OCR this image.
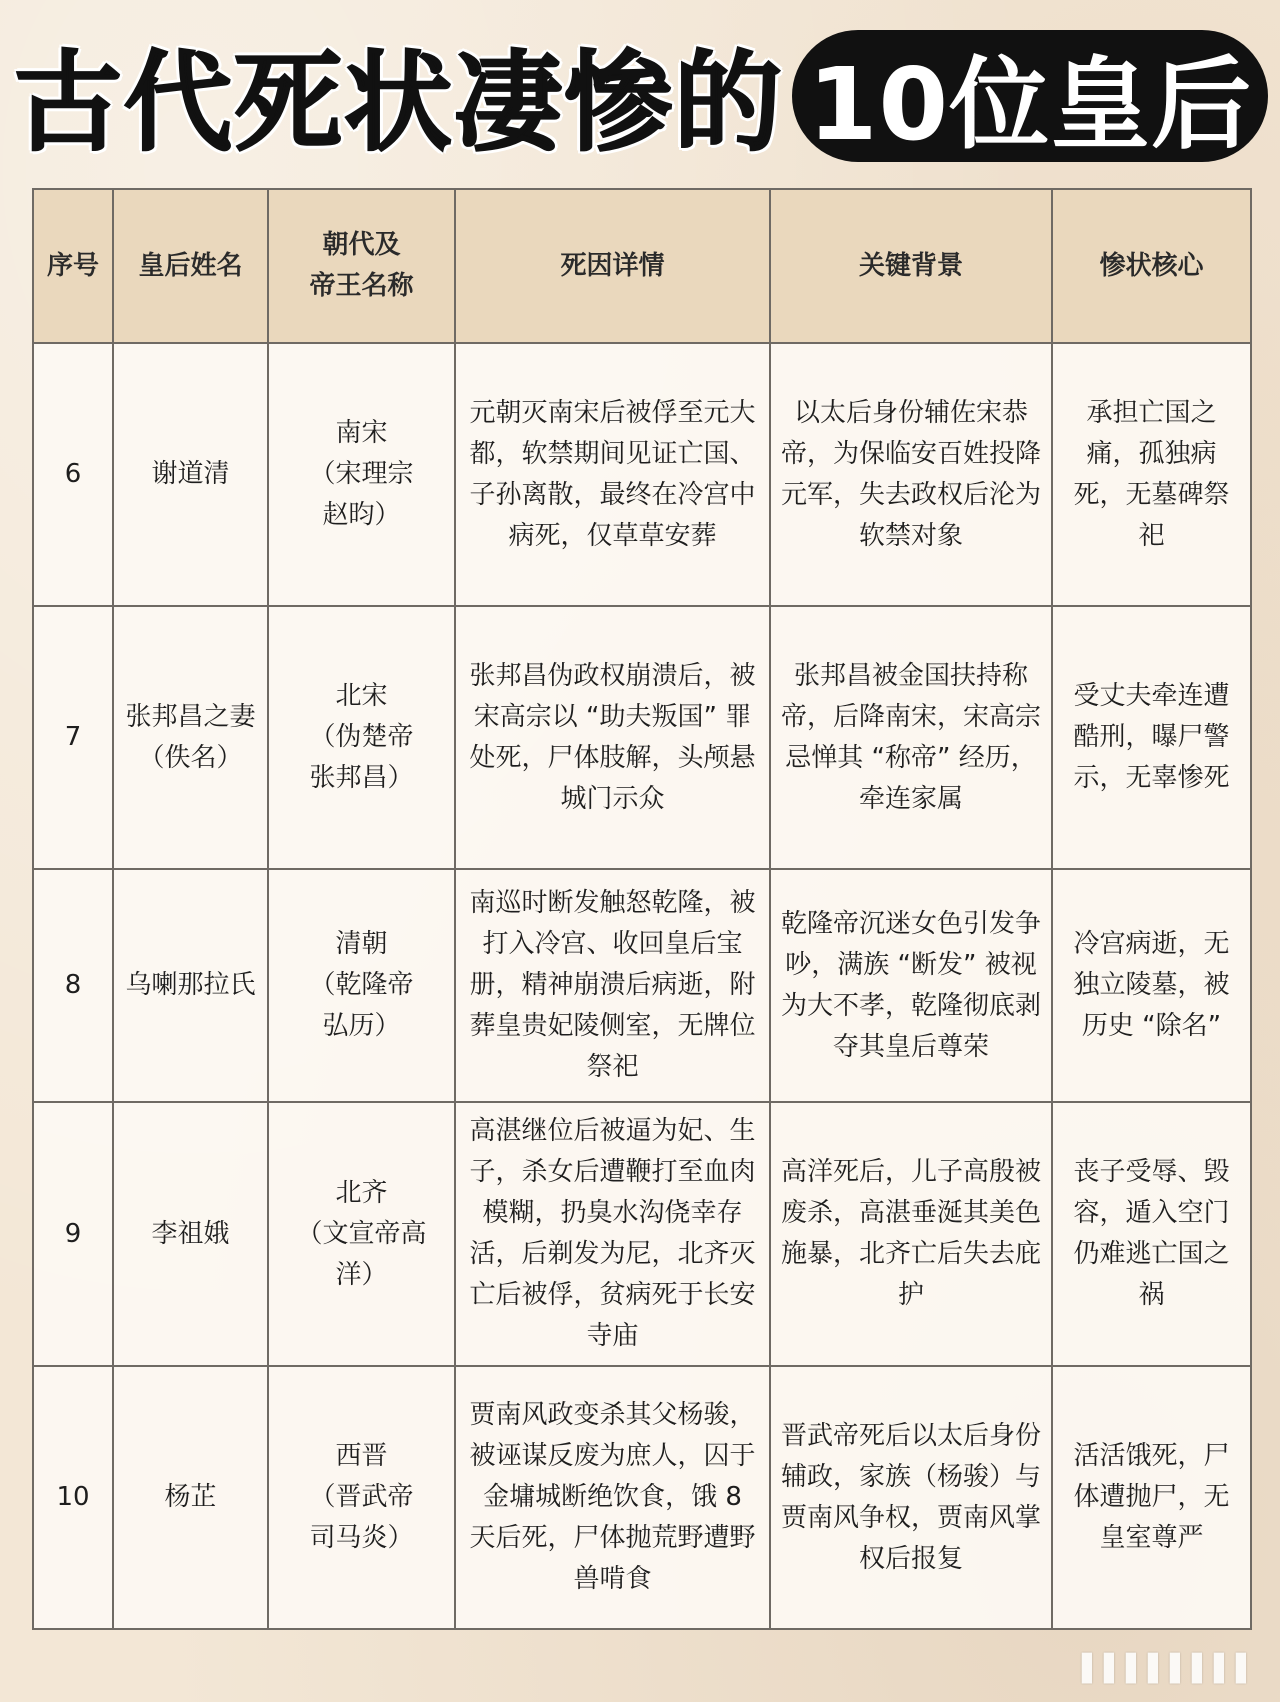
古代死状凄惨的 10位皇后
序号	皇后姓名	朝代及
帝王名称	死因详情	关键背景	惨状核心
6	谢道清	南宋
（宋理宗
赵昀）	元朝灭南宋后被俘至元大都，软禁期间见证亡国、子孙离散，最终在冷宫中病死，仅草草安葬	以太后身份辅佐宋恭帝，为保临安百姓投降元军，失去政权后沦为软禁对象	承担亡国之痛，孤独病死，无墓碑祭祀
7	张邦昌之妻
（佚名）	北宋
（伪楚帝
张邦昌）	张邦昌伪政权崩溃后，被宋高宗以 “助夫叛国” 罪处死，尸体肢解，头颅悬城门示众	张邦昌被金国扶持称帝，后降南宋，宋高宗忌惮其 “称帝” 经历，牵连家属	受丈夫牵连遭酷刑，曝尸警示，无辜惨死
8	乌喇那拉氏	清朝
（乾隆帝
弘历）	南巡时断发触怒乾隆，被打入冷宫、收回皇后宝册，精神崩溃后病逝，附葬皇贵妃陵侧室，无牌位祭祀	乾隆帝沉迷女色引发争吵，满族 “断发” 被视为大不孝，乾隆彻底剥夺其皇后尊荣	冷宫病逝，无独立陵墓，被历史 “除名”
9	李祖娥	北齐
（文宣帝高
洋）	高湛继位后被逼为妃、生子，杀女后遭鞭打至血肉模糊，扔臭水沟侥幸存活，后剃发为尼，北齐灭亡后被俘，贫病死于长安寺庙	高洋死后，儿子高殷被废杀，高湛垂涎其美色施暴，北齐亡后失去庇护	丧子受辱、毁容，遁入空门仍难逃亡国之祸
10	杨芷	西晋
（晋武帝
司马炎）	贾南风政变杀其父杨骏，被诬谋反废为庶人，囚于金墉城断绝饮食，饿 8 天后死，尸体抛荒野遭野兽啃食	晋武帝死后以太后身份辅政，家族（杨骏）与贾南风争权，贾南风掌权后报复	活活饿死，尸体遭抛尸，无皇室尊严
▌▌▌▌▌▌▌▌
